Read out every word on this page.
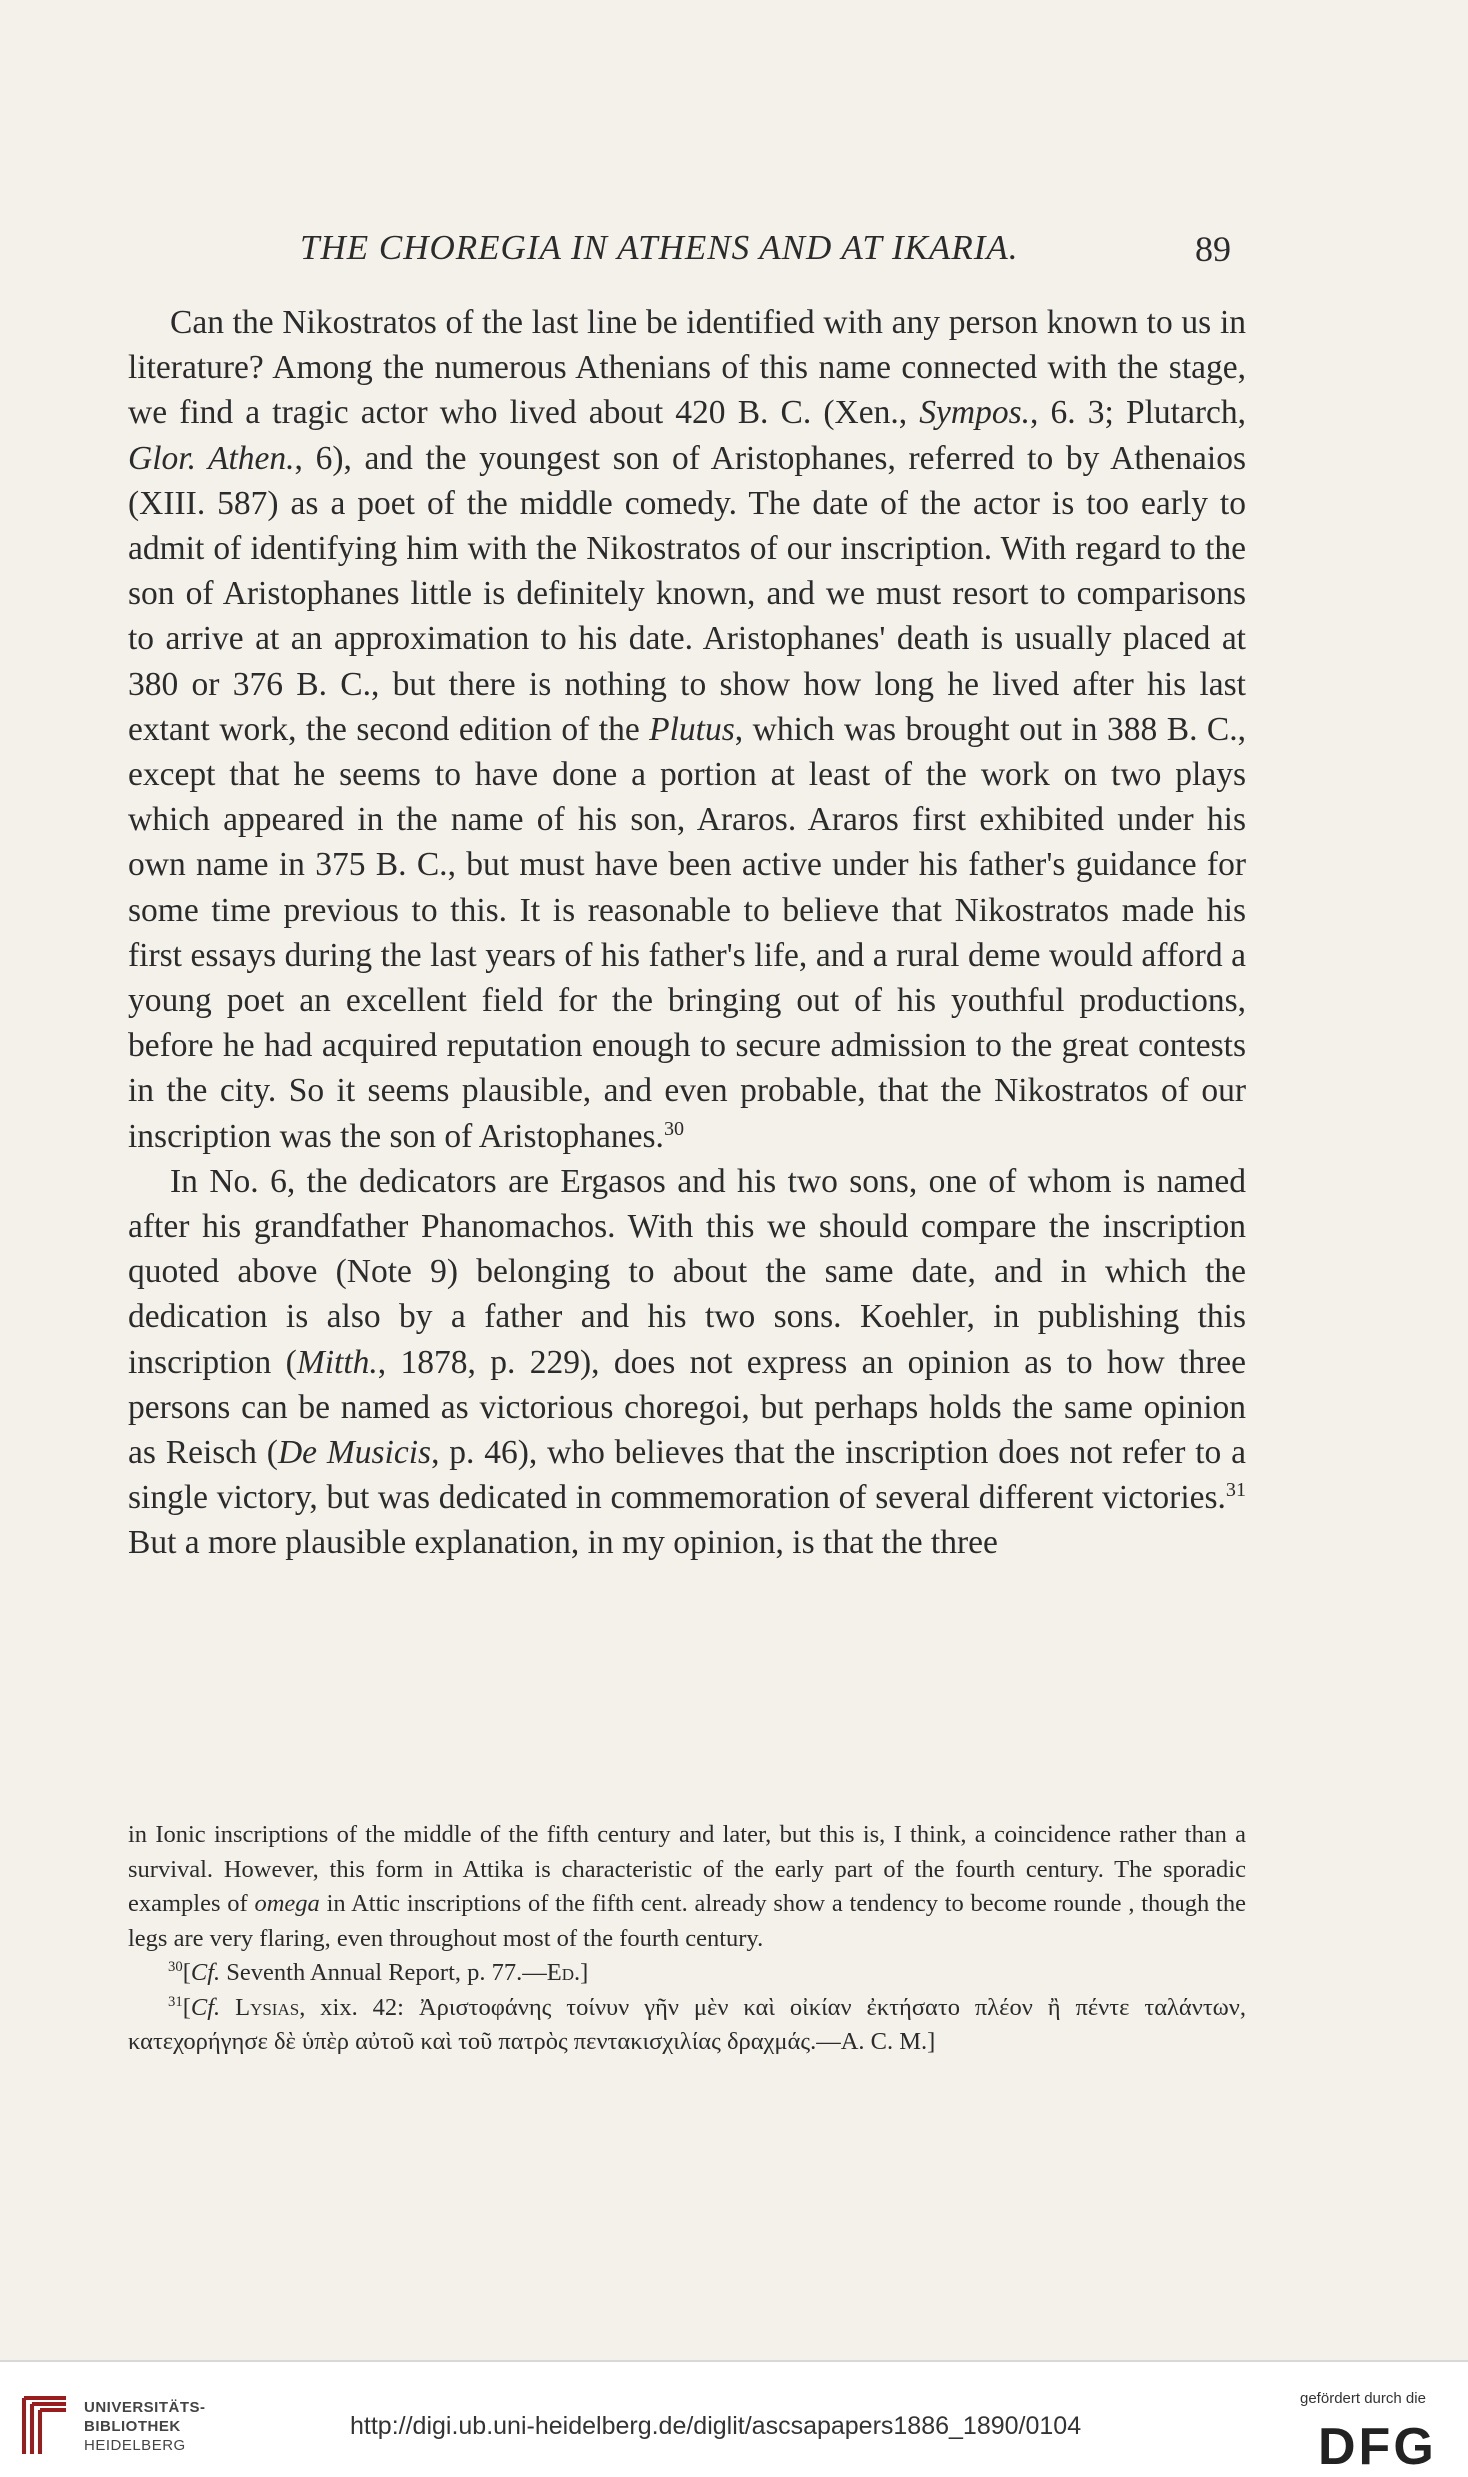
THE CHOREGIA IN ATHENS AND AT IKARIA.	89

Can the Nikostratos of the last line be identified with any person known to us in literature? Among the numerous Athenians of this name connected with the stage, we find a tragic actor who lived about 420 B. C. (Xen., Sympos., 6. 3; Plutarch, Glor. Athen., 6), and the youngest son of Aristophanes, referred to by Athenaios (XIII. 587) as a poet of the middle comedy. The date of the actor is too early to admit of identifying him with the Nikostratos of our inscription. With regard to the son of Aristophanes little is definitely known, and we must resort to comparisons to arrive at an approximation to his date. Aristophanes' death is usually placed at 380 or 376 B. C., but there is nothing to show how long he lived after his last extant work, the second edition of the Plutus, which was brought out in 388 B. C., except that he seems to have done a portion at least of the work on two plays which appeared in the name of his son, Araros. Araros first exhibited under his own name in 375 B. C., but must have been active under his father's guidance for some time previous to this. It is reasonable to believe that Nikostratos made his first essays during the last years of his father's life, and a rural deme would afford a young poet an excellent field for the bringing out of his youthful productions, before he had acquired reputation enough to secure admission to the great contests in the city. So it seems plausible, and even probable, that the Nikostratos of our inscription was the son of Aristophanes.$^{30}$

In No. 6, the dedicators are Ergasos and his two sons, one of whom is named after his grandfather Phanomachos. With this we should compare the inscription quoted above (Note 9) belonging to about the same date, and in which the dedication is also by a father and his two sons. Koehler, in publishing this inscription (Mitth., 1878, p. 229), does not express an opinion as to how three persons can be named as victorious choregoi, but perhaps holds the same opinion as Reisch (De Musicis, p. 46), who believes that the inscription does not refer to a single victory, but was dedicated in commemoration of several different victories.$^{31}$ But a more plausible explanation, in my opinion, is that the three

in Ionic inscriptions of the middle of the fifth century and later, but this is, I think, a coincidence rather than a survival. However, this form in Attika is characteristic of the early part of the fourth century. The sporadic examples of omega in Attic inscriptions of the fifth cent. already show a tendency to become rounde , though the legs are very flaring, even throughout most of the fourth century.

$^{30}$[Cf. Seventh Annual Report, p. 77.—Ed.]

$^{31}$[Cf. Lysias, xix. 42: Ἀριστοφάνης τοίνυν γῆν μὲν καὶ οἰκίαν ἐκτήσατο πλέον ἢ πέντε ταλάντων, κατεχορήγησε δὲ ὑπὲρ αὐτοῦ καὶ τοῦ πατρὸς πεντακισχιλίας δραχμάς.—A. C. M.]

UNIVERSITÄTS-
BIBLIOTHEK
HEIDELBERG
http://digi.ub.uni-heidelberg.de/diglit/ascsapapers1886_1890/0104
gefördert durch die
DFG
